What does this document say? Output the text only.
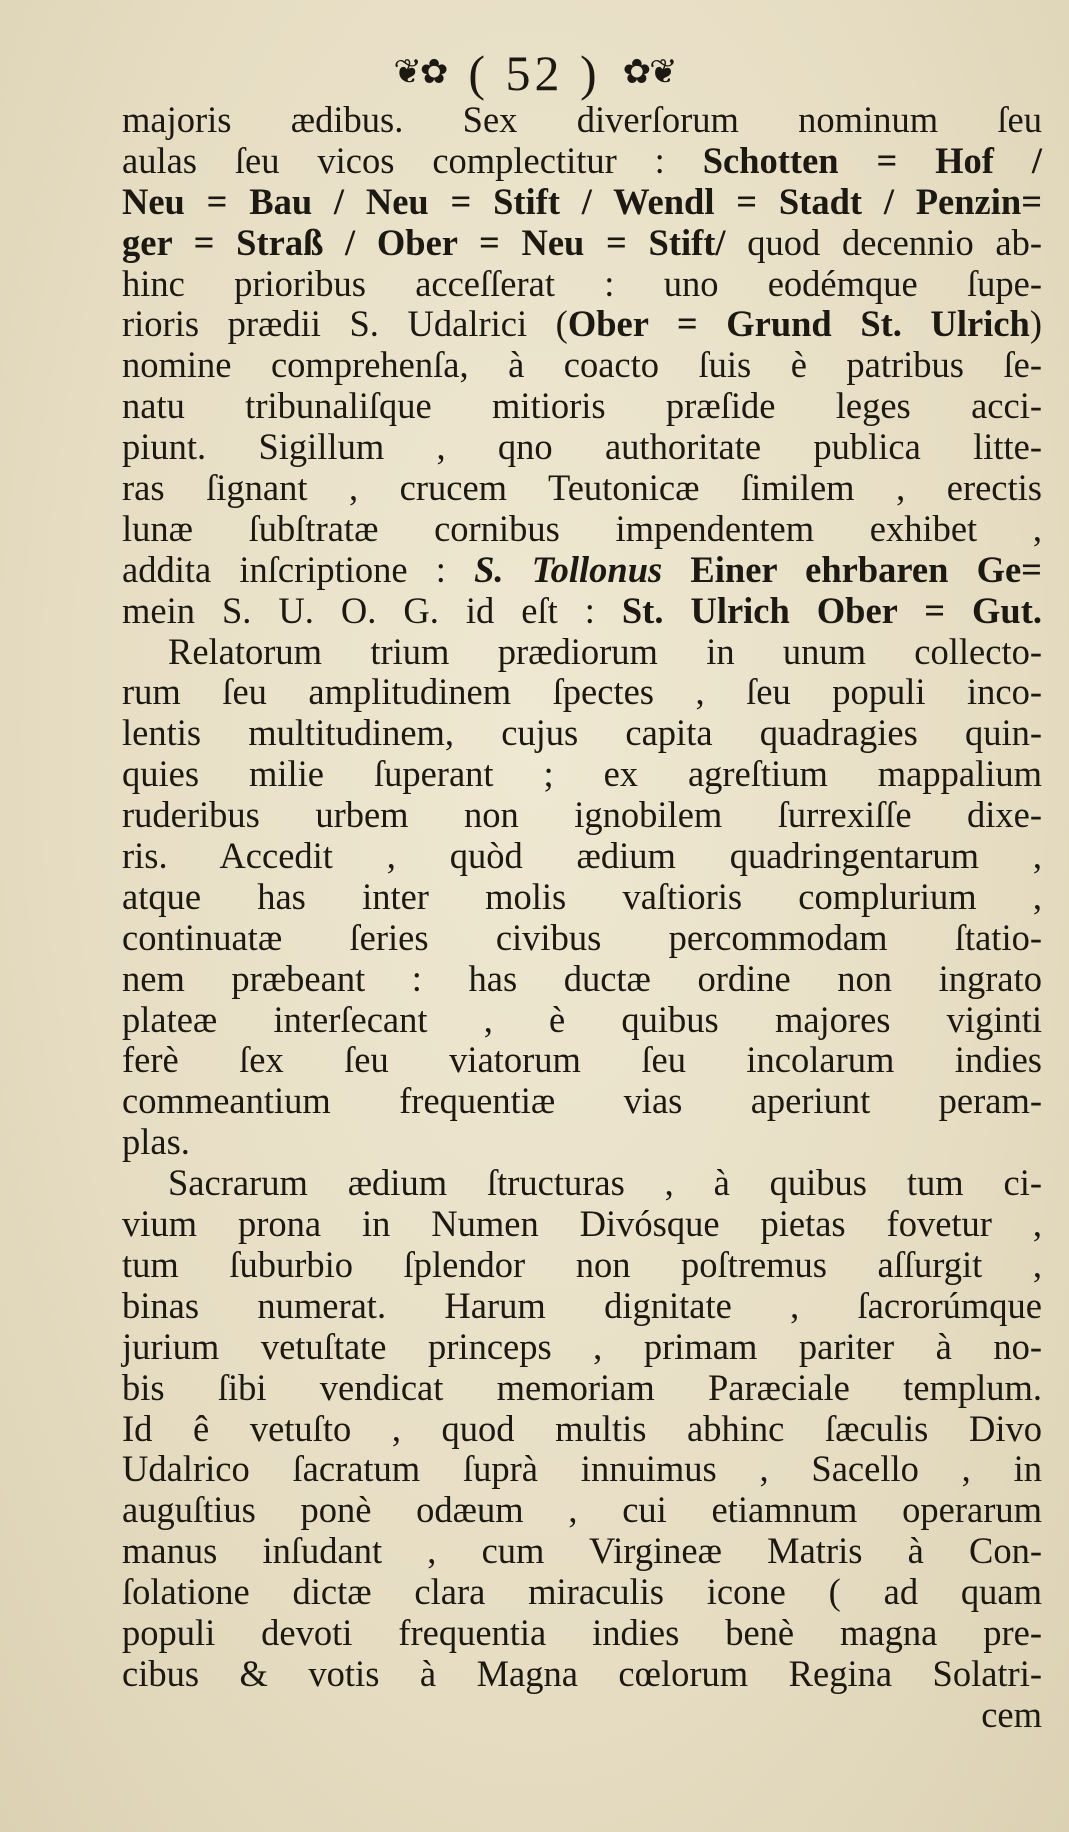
❦✿ ( 52 ) ✿❦
majoris ædibus. Sex diverſorum nominum ſeu
aulas ſeu vicos complectitur : Schotten = Hof /
Neu = Bau / Neu = Stift / Wendl = Stadt / Penzin=
ger = Straß / Ober = Neu = Stift/ quod decennio ab-
hinc prioribus acceſſerat : uno eodémque ſupe-
rioris prædii S. Udalrici (Ober = Grund St. Ulrich)
nomine comprehenſa, à coacto ſuis è patribus ſe-
natu tribunaliſque mitioris præſide leges acci-
piunt. Sigillum , qno authoritate publica litte-
ras ſignant , crucem Teutonicæ ſimilem , erectis
lunæ ſubſtratæ cornibus impendentem exhibet ,
addita inſcriptione : S. Tollonus Einer ehrbaren Ge=
mein S. U. O. G. id eſt : St. Ulrich Ober = Gut.
Relatorum trium prædiorum in unum collecto-
rum ſeu amplitudinem ſpectes , ſeu populi inco-
lentis multitudinem, cujus capita quadragies quin-
quies milie ſuperant ; ex agreſtium mappalium
ruderibus urbem non ignobilem ſurrexiſſe dixe-
ris. Accedit , quòd ædium quadringentarum ,
atque has inter molis vaſtioris complurium ,
continuatæ ſeries civibus percommodam ſtatio-
nem præbeant : has ductæ ordine non ingrato
plateæ interſecant , è quibus majores viginti
ferè ſex ſeu viatorum ſeu incolarum indies
commeantium frequentiæ vias aperiunt peram-
plas.
Sacrarum ædium ſtructuras , à quibus tum ci-
vium prona in Numen Divósque pietas fovetur ,
tum ſuburbio ſplendor non poſtremus aſſurgit ,
binas numerat. Harum dignitate , ſacrorúmque
jurium vetuſtate princeps , primam pariter à no-
bis ſibi vendicat memoriam Paræciale templum.
Id ê vetuſto , quod multis abhinc ſæculis Divo
Udalrico ſacratum ſuprà innuimus , Sacello , in
auguſtius ponè odæum , cui etiamnum operarum
manus inſudant , cum Virgineæ Matris à Con-
ſolatione dictæ clara miraculis icone ( ad quam
populi devoti frequentia indies benè magna pre-
cibus & votis à Magna cœlorum Regina Solatri-
cem
